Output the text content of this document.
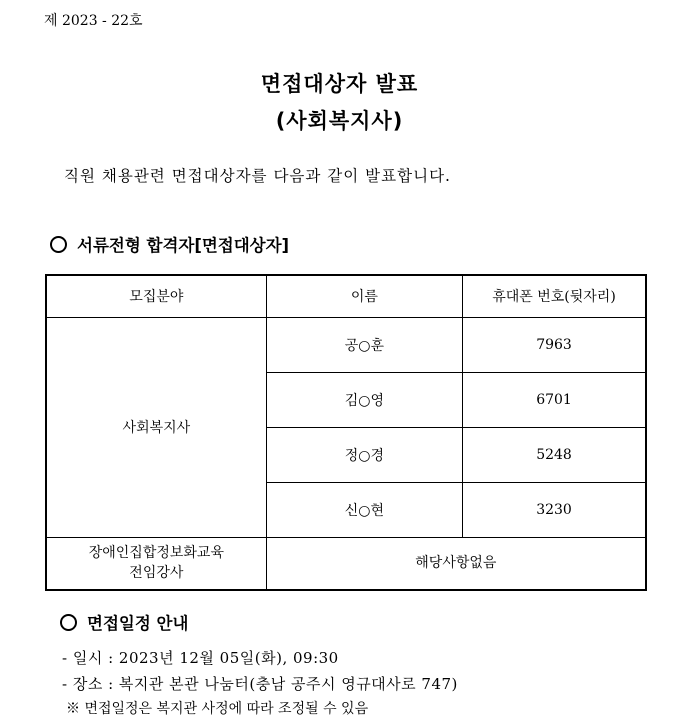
제 2023 - 22호
면접대상자 발표
(사회복지사)
직원 채용관련 면접대상자를 다음과 같이 발표합니다.
서류전형 합격자[면접대상자]
모집분야	이름	휴대폰 번호(뒷자리)
사회복지사	공○훈	7963
	김○영	6701
	정○경	5248
	신○현	3230
장애인집합정보화교육
전임강사	해당사항없음	
면접일정 안내
- 일시 : 2023년 12월 05일(화), 09:30
- 장소 : 복지관 본관 나눔터(충남 공주시 영규대사로 747)
※ 면접일정은 복지관 사정에 따라 조정될 수 있음
